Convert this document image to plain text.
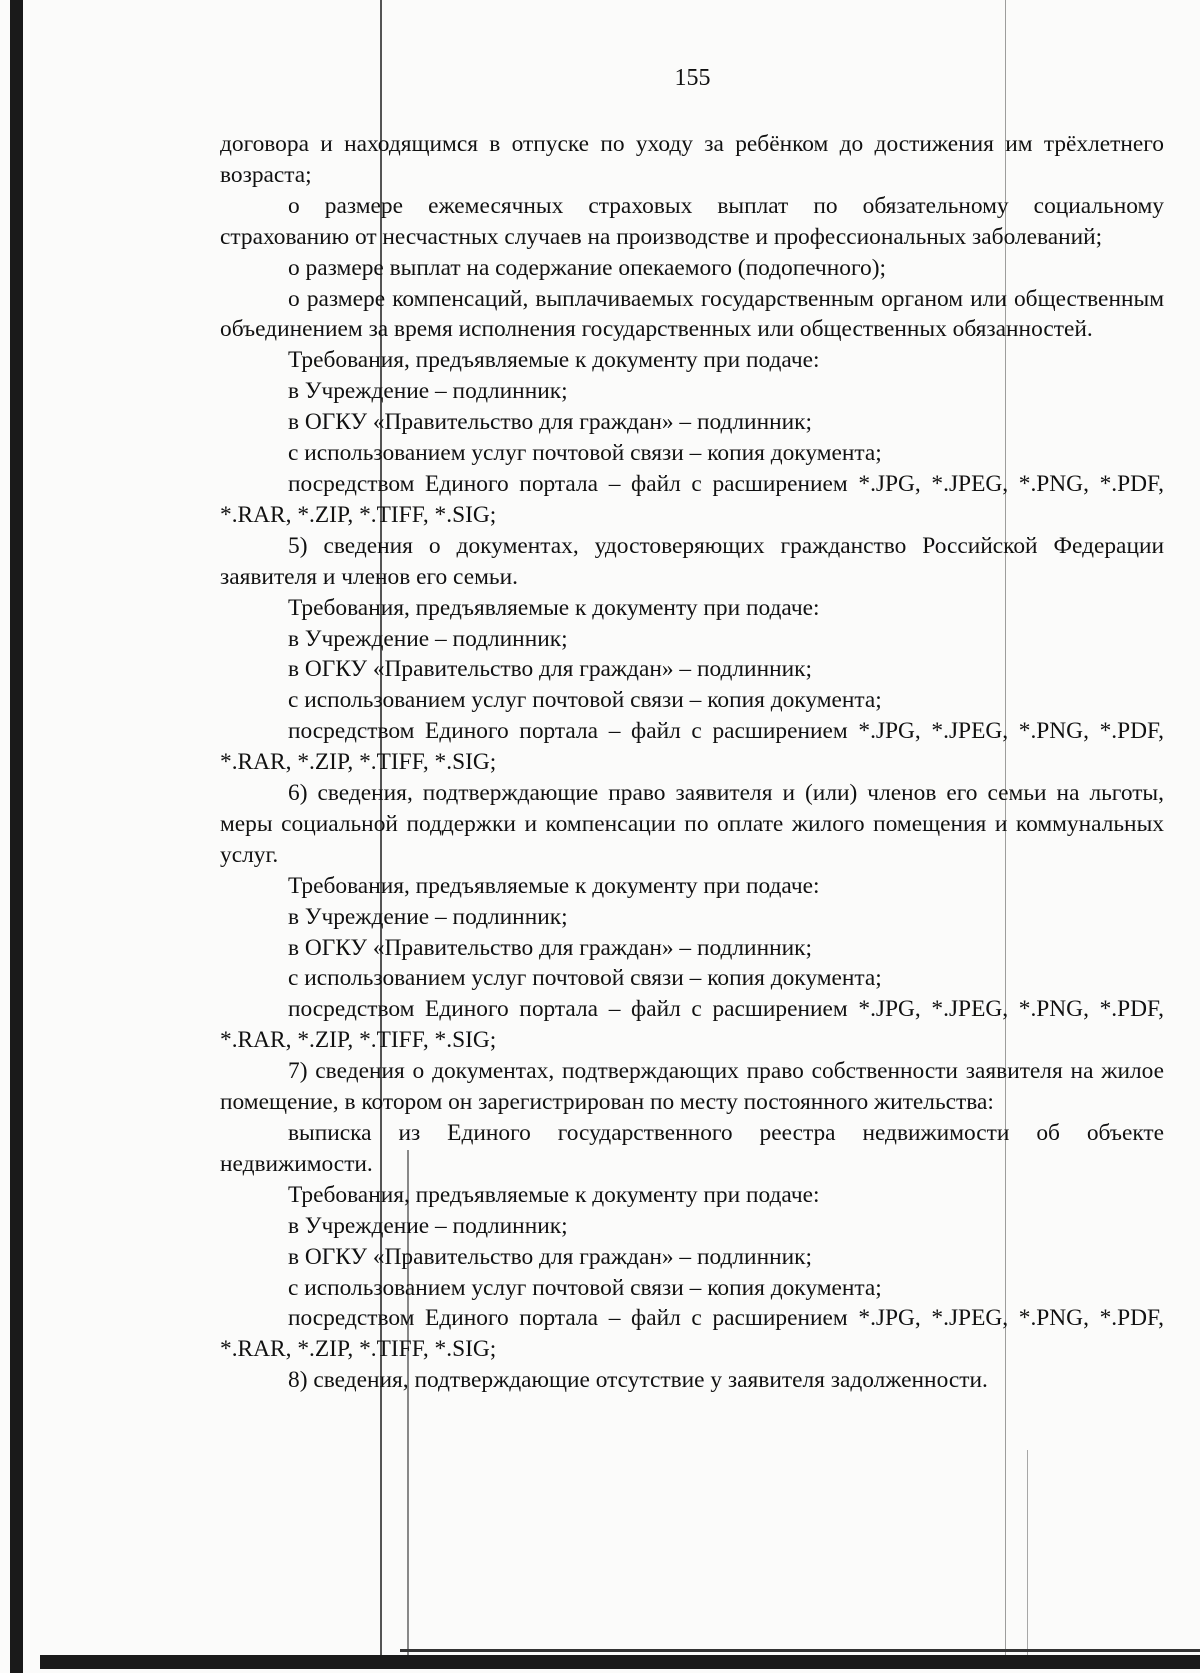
155

договора и находящимся в отпуске по уходу за ребёнком до достижения им трёхлетнего возраста;

о размере ежемесячных страховых выплат по обязательному социальному страхованию от несчастных случаев на производстве и профессиональных заболеваний;

о размере выплат на содержание опекаемого (подопечного);

о размере компенсаций, выплачиваемых государственным органом или общественным объединением за время исполнения государственных или общественных обязанностей.

Требования, предъявляемые к документу при подаче:

в Учреждение – подлинник;

в ОГКУ «Правительство для граждан» – подлинник;

с использованием услуг почтовой связи – копия документа;

посредством Единого портала – файл с расширением *.JPG, *.JPEG, *.PNG, *.PDF, *.RAR, *.ZIP, *.TIFF, *.SIG;

5) сведения о документах, удостоверяющих гражданство Российской Федерации заявителя и членов его семьи.

Требования, предъявляемые к документу при подаче:

в Учреждение – подлинник;

в ОГКУ «Правительство для граждан» – подлинник;

с использованием услуг почтовой связи – копия документа;

посредством Единого портала – файл с расширением *.JPG, *.JPEG, *.PNG, *.PDF, *.RAR, *.ZIP, *.TIFF, *.SIG;

6) сведения, подтверждающие право заявителя и (или) членов его семьи на льготы, меры социальной поддержки и компенсации по оплате жилого помещения и коммунальных услуг.

Требования, предъявляемые к документу при подаче:

в Учреждение – подлинник;

в ОГКУ «Правительство для граждан» – подлинник;

с использованием услуг почтовой связи – копия документа;

посредством Единого портала – файл с расширением *.JPG, *.JPEG, *.PNG, *.PDF, *.RAR, *.ZIP, *.TIFF, *.SIG;

7) сведения о документах, подтверждающих право собственности заявителя на жилое помещение, в котором он зарегистрирован по месту постоянного жительства:

выписка из Единого государственного реестра недвижимости об объекте недвижимости.

Требования, предъявляемые к документу при подаче:

в Учреждение – подлинник;

в ОГКУ «Правительство для граждан» – подлинник;

с использованием услуг почтовой связи – копия документа;

посредством Единого портала – файл с расширением *.JPG, *.JPEG, *.PNG, *.PDF, *.RAR, *.ZIP, *.TIFF, *.SIG;

8) сведения, подтверждающие отсутствие у заявителя задолженности.
